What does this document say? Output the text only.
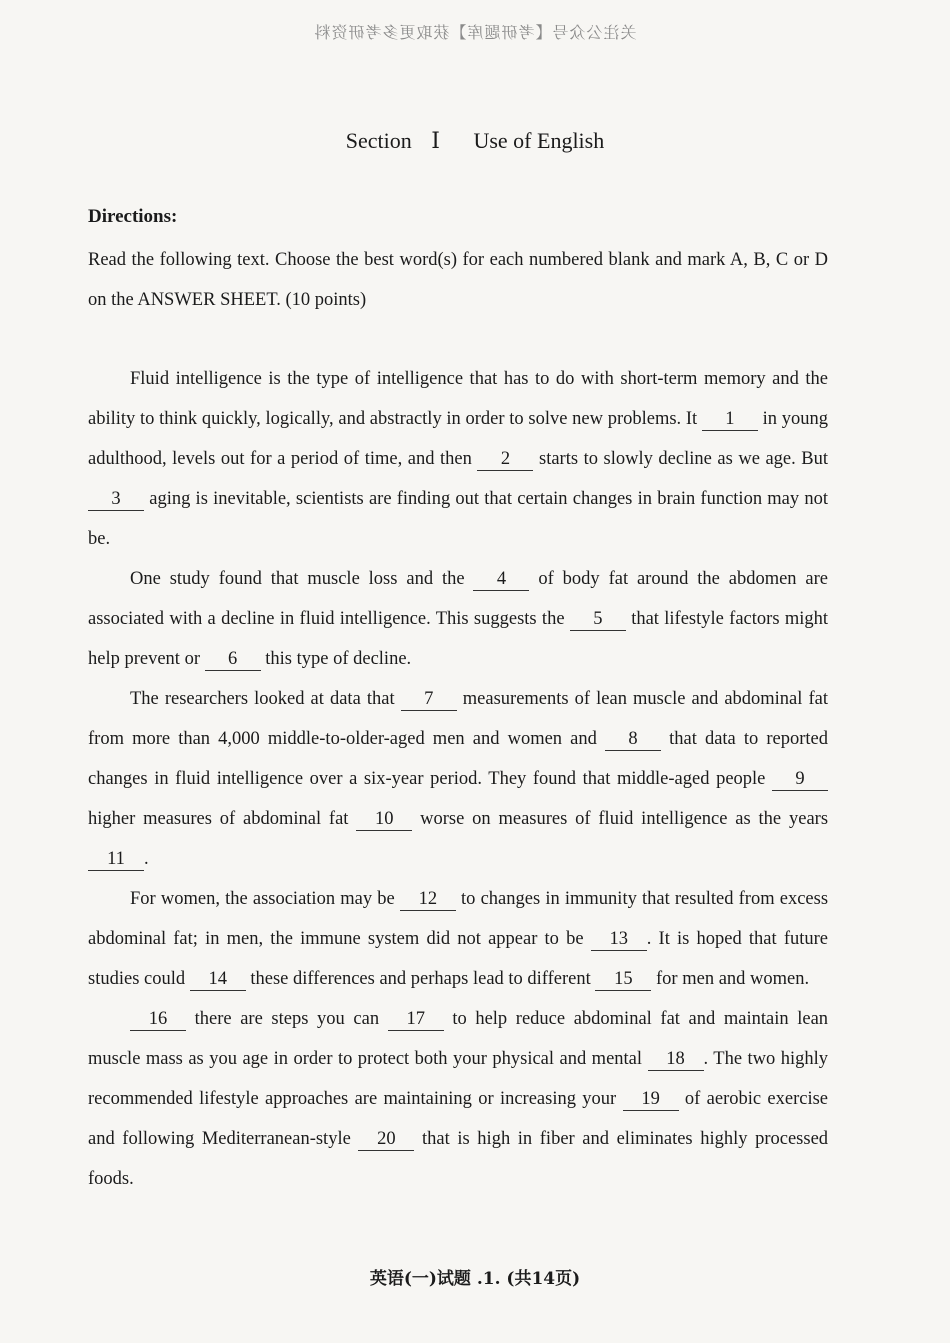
关注公众号【考研题库】获取更多考研资料
Section Ⅰ Use of English
Directions:

Read the following text. Choose the best word(s) for each numbered blank and mark A, B, C or D on the ANSWER SHEET. (10 points)

Fluid intelligence is the type of intelligence that has to do with short-term memory and the ability to think quickly, logically, and abstractly in order to solve new problems. It 1 in young adulthood, levels out for a period of time, and then 2 starts to slowly decline as we age. But 3 aging is inevitable, scientists are finding out that certain changes in brain function may not be.

One study found that muscle loss and the 4 of body fat around the abdomen are associated with a decline in fluid intelligence. This suggests the 5 that lifestyle factors might help prevent or 6 this type of decline.

The researchers looked at data that 7 measurements of lean muscle and abdominal fat from more than 4,000 middle-to-older-aged men and women and 8 that data to reported changes in fluid intelligence over a six-year period. They found that middle-aged people 9 higher measures of abdominal fat 10 worse on measures of fluid intelligence as the years 11 .

For women, the association may be 12 to changes in immunity that resulted from excess abdominal fat; in men, the immune system did not appear to be 13 . It is hoped that future studies could 14 these differences and perhaps lead to different 15 for men and women.

16 there are steps you can 17 to help reduce abdominal fat and maintain lean muscle mass as you age in order to protect both your physical and mental 18 . The two highly recommended lifestyle approaches are maintaining or increasing your 19 of aerobic exercise and following Mediterranean-style 20 that is high in fiber and eliminates highly processed foods.

英语(一)试题 .1. (共14页)
